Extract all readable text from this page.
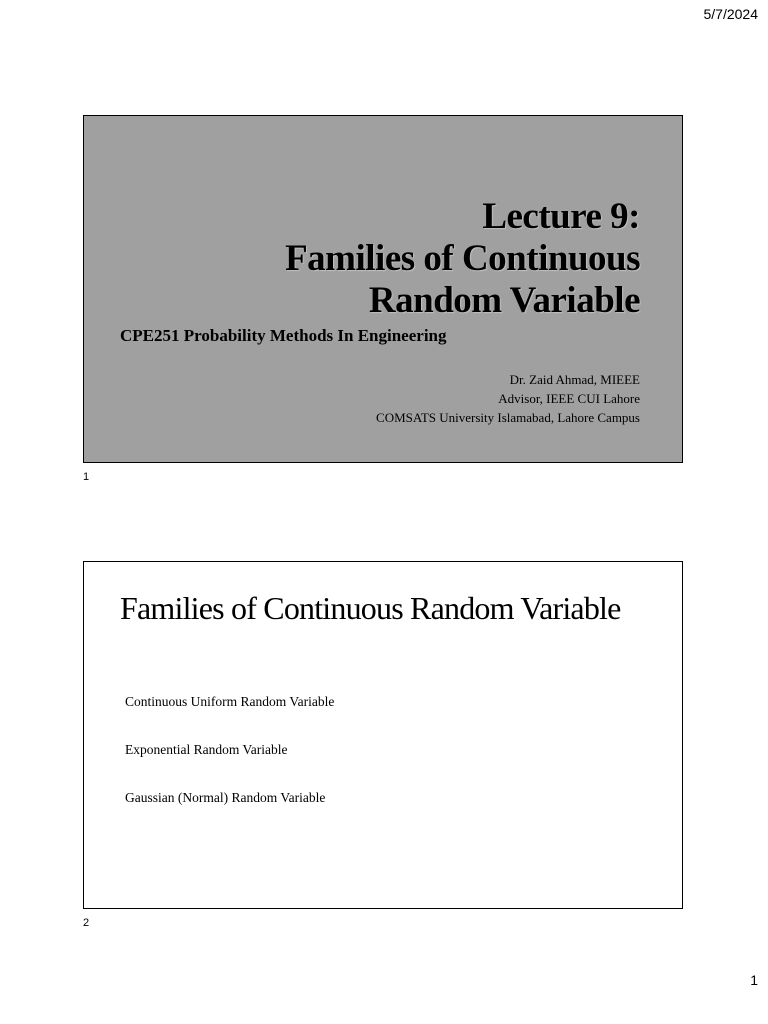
5/7/2024
Lecture 9:
Families of Continuous
Random Variable
CPE251 Probability Methods In Engineering
Dr. Zaid Ahmad, MIEEE
Advisor, IEEE CUI Lahore
COMSATS University Islamabad, Lahore Campus
1
Families of Continuous Random Variable
Continuous Uniform Random Variable
Exponential Random Variable
Gaussian (Normal) Random Variable
2
1
